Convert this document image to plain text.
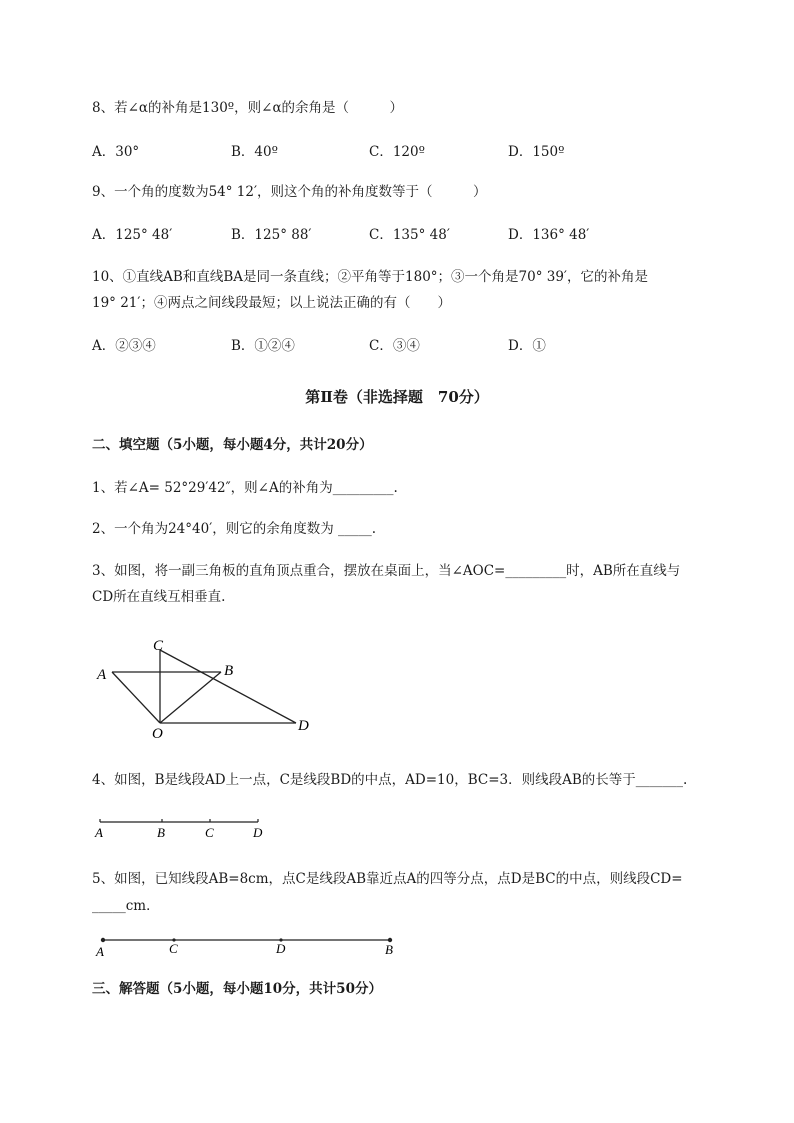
8、若∠α的补角是130º，则∠α的余角是（　　　）
A．30°	B．40º	C．120º	D．150º
9、一个角的度数为54° 12′，则这个角的补角度数等于（　　　）
A．125° 48′	B．125° 88′	C．135° 48′	D．136° 48′
10、①直线AB和直线BA是同一条直线；②平角等于180°；③一个角是70° 39′，它的补角是
19° 21′；④两点之间线段最短；以上说法正确的有（　　）
A．②③④	B．①②④	C．③④	D．①
第Ⅱ卷（非选择题　70分）
二、填空题（5小题，每小题4分，共计20分）
1、若∠A= 52°29′42″，则∠A的补角为_________.
2、一个角为24°40′，则它的余角度数为 _____.
3、如图，将一副三角板的直角顶点重合，摆放在桌面上，当∠AOC=_________时，AB所在直线与
CD所在直线互相垂直.
A	B
C
D
O
4、如图，B是线段AD上一点，C是线段BD的中点，AD=10，BC=3．则线段AB的长等于_______.
A	B	C	D
5、如图，已知线段AB=8cm，点C是线段AB靠近点A的四等分点，点D是BC的中点，则线段CD=
_____cm．
A	C	D	B
三、解答题（5小题，每小题10分，共计50分）
